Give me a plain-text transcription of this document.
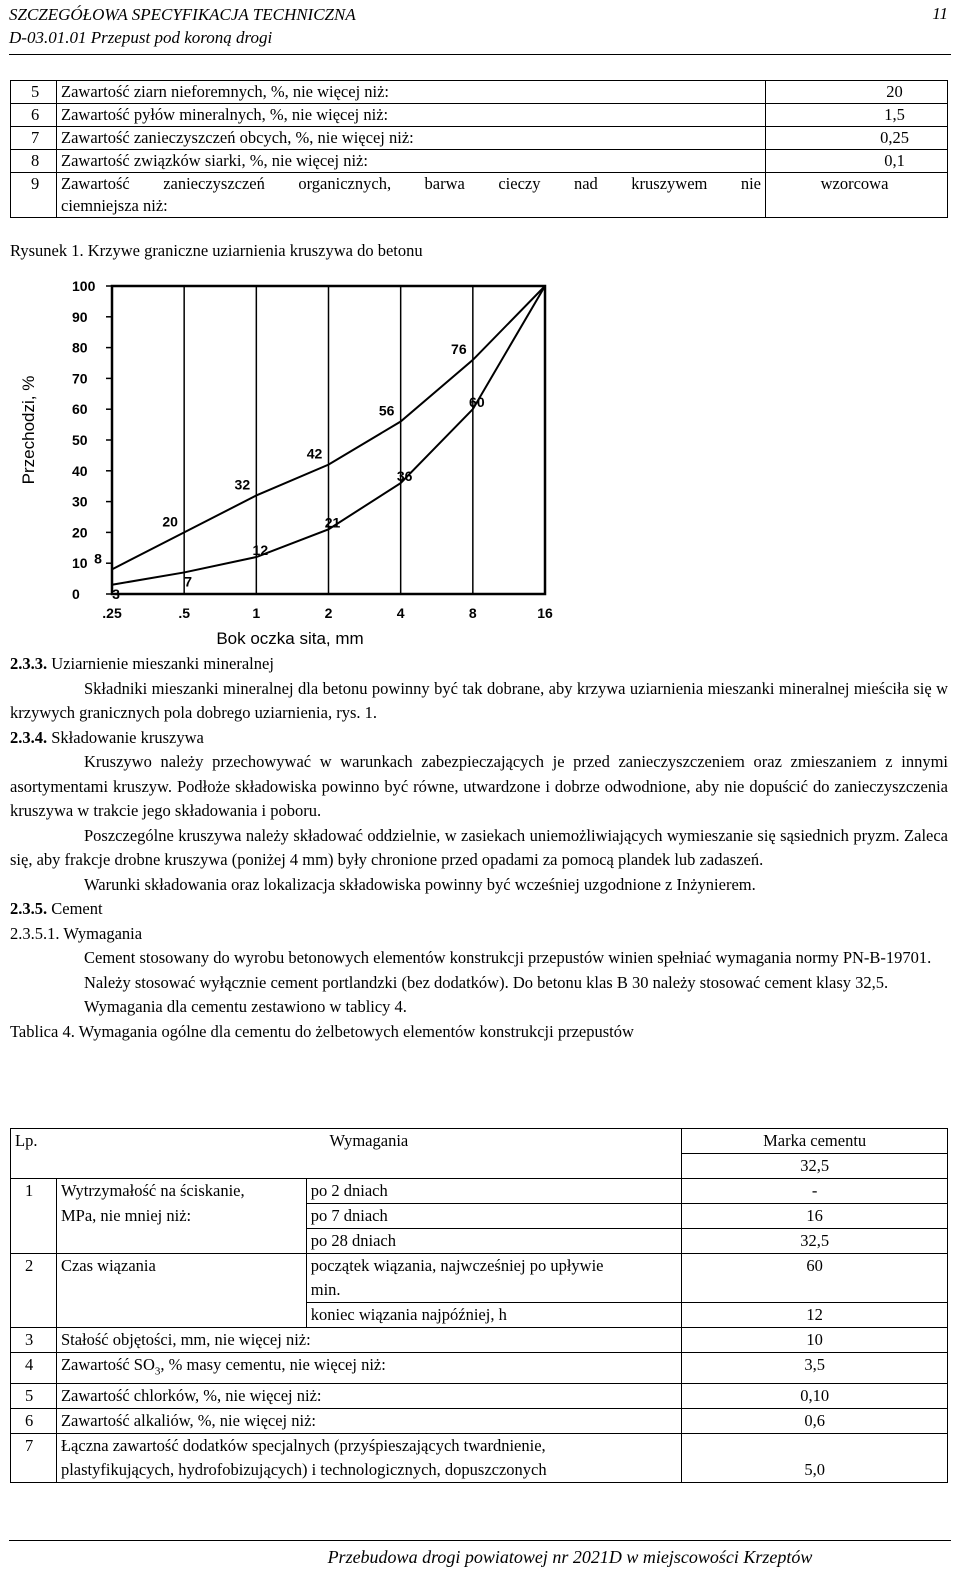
SZCZEGÓŁOWA SPECYFIKACJA TECHNICZNA
D-03.01.01 Przepust pod koroną drogi
11
5	Zawartość ziarn nieforemnych, %, nie więcej niż:	20
6	Zawartość pyłów mineralnych, %, nie więcej niż:	1,5
7	Zawartość zanieczyszczeń obcych, %, nie więcej niż:	0,25
8	Zawartość związków siarki, %, nie więcej niż:	0,1
9	Zawartość zanieczyszczeń organicznych, barwa cieczy nad kruszywem nie
ciemniejsza niż:	wzorcowa
Rysunek 1. Krzywe graniczne uziarnienia kruszywa do betonu
0
10
20
30
40
50
60
70
80
90
100
.25	.5	1	2	4	8	16
Bok oczka sita, mm
Przechodzi, %
8
20
32
42
56
76
3
7
12
21
36
60
2.3.3. Uziarnienie mieszanki mineralnej
Składniki mieszanki mineralnej dla betonu powinny być tak dobrane, aby krzywa uziarnienia mieszanki mineralnej mieściła się w krzywych granicznych pola dobrego uziarnienia, rys. 1.
2.3.4. Składowanie kruszywa
Kruszywo należy przechowywać w warunkach zabezpieczających je przed zanieczyszczeniem oraz zmieszaniem z innymi asortymentami kruszyw. Podłoże składowiska powinno być równe, utwardzone i dobrze odwodnione, aby nie dopuścić do zanieczyszczenia kruszywa w trakcie jego składowania i poboru.
Poszczególne kruszywa należy składować oddzielnie, w zasiekach uniemożliwiających wymieszanie się sąsiednich pryzm. Zaleca się, aby frakcje drobne kruszywa (poniżej 4 mm) były chronione przed opadami za pomocą plandek lub zadaszeń.
Warunki składowania oraz lokalizacja składowiska powinny być wcześniej uzgodnione z Inżynierem.
2.3.5. Cement
2.3.5.1. Wymagania
Cement stosowany do wyrobu betonowych elementów konstrukcji przepustów winien spełniać wymagania normy PN-B-19701.
Należy stosować wyłącznie cement portlandzki (bez dodatków). Do betonu klas B 30 należy stosować cement klasy 32,5.
Wymagania dla cementu zestawiono w tablicy 4.
Tablica 4. Wymagania ogólne dla cementu do żelbetowych elementów konstrukcji przepustów
Lp.	Wymagania		Marka cementu
			32,5
1	Wytrzymałość na ściskanie,	po 2 dniach	-
	MPa, nie mniej niż:	po 7 dniach	16
		po 28 dniach	32,5
2	Czas wiązania	początek wiązania, najwcześniej po upływie
min.	60
		koniec wiązania najpóźniej, h	12
3	Stałość objętości, mm, nie więcej niż:		10
4	Zawartość $SO_3$, % masy cementu, nie więcej niż:		3,5
5	Zawartość chlorków, %, nie więcej niż:		0,10
6	Zawartość alkaliów, %, nie więcej niż:		0,6
7	Łączna zawartość dodatków specjalnych (przyśpieszających twardnienie,
plastyfikujących, hydrofobizujących) i technologicznych, dopuszczonych		5,0
Przebudowa drogi powiatowej nr 2021D w miejscowości Krzeptów
